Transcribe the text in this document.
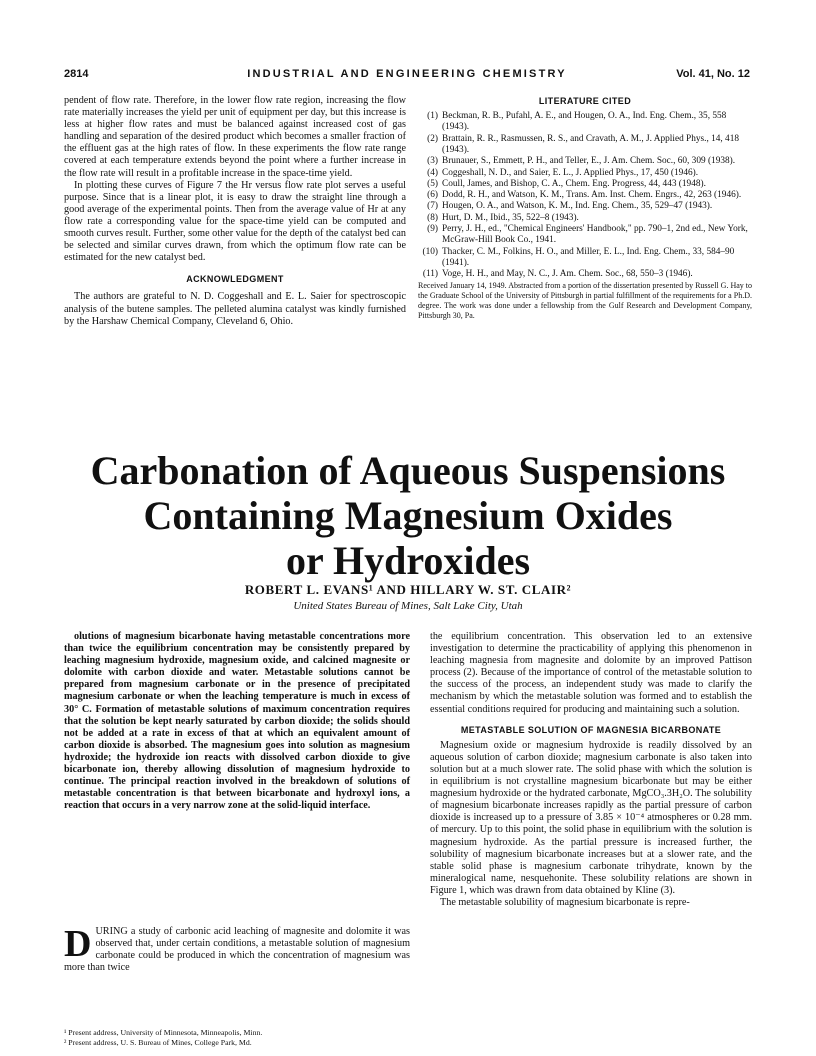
2814	INDUSTRIAL AND ENGINEERING CHEMISTRY	Vol. 41, No. 12

pendent of flow rate. Therefore, in the lower flow rate region, increasing the flow rate materially increases the yield per unit of equipment per day, but this increase is less at higher flow rates and must be balanced against increased cost of gas handling and separation of the desired product which becomes a smaller fraction of the effluent gas at the high rates of flow. In these experiments the flow rate range covered at each temperature extends beyond the point where a further increase in the flow rate will result in a profitable increase in the space-time yield.

In plotting these curves of Figure 7 the Hr versus flow rate plot serves a useful purpose. Since that is a linear plot, it is easy to draw the straight line through a good average of the experimental points. Then from the average value of Hr at any flow rate a corresponding value for the space-time yield can be computed and smooth curves result. Further, some other value for the depth of the catalyst bed can be selected and similar curves drawn, from which the optimum flow rate can be estimated for the new catalyst bed.

ACKNOWLEDGMENT

The authors are grateful to N. D. Coggeshall and E. L. Saier for spectroscopic analysis of the butene samples. The pelleted alumina catalyst was kindly furnished by the Harshaw Chemical Company, Cleveland 6, Ohio.

LITERATURE CITED
(1) Beckman, R. B., Pufahl, A. E., and Hougen, O. A., Ind. Eng. Chem., 35, 558 (1943).
(2) Brattain, R. R., Rasmussen, R. S., and Cravath, A. M., J. Applied Phys., 14, 418 (1943).
(3) Brunauer, S., Emmett, P. H., and Teller, E., J. Am. Chem. Soc., 60, 309 (1938).
(4) Coggeshall, N. D., and Saier, E. L., J. Applied Phys., 17, 450 (1946).
(5) Coull, James, and Bishop, C. A., Chem. Eng. Progress, 44, 443 (1948).
(6) Dodd, R. H., and Watson, K. M., Trans. Am. Inst. Chem. Engrs., 42, 263 (1946).
(7) Hougen, O. A., and Watson, K. M., Ind. Eng. Chem., 35, 529–47 (1943).
(8) Hurt, D. M., Ibid., 35, 522–8 (1943).
(9) Perry, J. H., ed., "Chemical Engineers' Handbook," pp. 790–1, 2nd ed., New York, McGraw-Hill Book Co., 1941.
(10) Thacker, C. M., Folkins, H. O., and Miller, E. L., Ind. Eng. Chem., 33, 584–90 (1941).
(11) Voge, H. H., and May, N. C., J. Am. Chem. Soc., 68, 550–3 (1946).

Received January 14, 1949. Abstracted from a portion of the dissertation presented by Russell G. Hay to the Graduate School of the University of Pittsburgh in partial fulfillment of the requirements for a Ph.D. degree. The work was done under a fellowship from the Gulf Research and Development Company, Pittsburgh 30, Pa.

Carbonation of Aqueous Suspensions
Containing Magnesium Oxides
or Hydroxides
ROBERT L. EVANS¹ AND HILLARY W. ST. CLAIR²
United States Bureau of Mines, Salt Lake City, Utah

olutions of magnesium bicarbonate having metastable concentrations more than twice the equilibrium concentration may be consistently prepared by leaching magnesium hydroxide, magnesium oxide, and calcined magnesite or dolomite with carbon dioxide and water. Metastable solutions cannot be prepared from magnesium carbonate or in the presence of precipitated magnesium carbonate or when the leaching temperature is much in excess of 30° C. Formation of metastable solutions of maximum concentration requires that the solution be kept nearly saturated by carbon dioxide; the solids should not be added at a rate in excess of that at which an equivalent amount of carbon dioxide is absorbed. The magnesium goes into solution as magnesium hydroxide; the hydroxide ion reacts with dissolved carbon dioxide to give bicarbonate ion, thereby allowing dissolution of magnesium hydroxide to continue. The principal reaction involved in the breakdown of solutions of metastable concentration is that between bicarbonate and hydroxyl ions, a reaction that occurs in a very narrow zone at the solid-liquid interface.

D URING a study of carbonic acid leaching of magnesite and dolomite it was observed that, under certain conditions, a metastable solution of magnesium carbonate could be produced in which the concentration of magnesium was more than twice

¹ Present address, University of Minnesota, Minneapolis, Minn.
² Present address, U. S. Bureau of Mines, College Park, Md.

the equilibrium concentration. This observation led to an extensive investigation to determine the practicability of applying this phenomenon in leaching magnesia from magnesite and dolomite by an improved Pattison process (2). Because of the importance of control of the metastable solution to the success of the process, an independent study was made to clarify the mechanism by which the metastable solution was formed and to establish the essential conditions required for producing and maintaining such a solution.

METASTABLE SOLUTION OF MAGNESIA BICARBONATE

Magnesium oxide or magnesium hydroxide is readily dissolved by an aqueous solution of carbon dioxide; magnesium carbonate is also taken into solution but at a much slower rate. The solid phase with which the solution is in equilibrium is not crystalline magnesium bicarbonate but may be either magnesium hydroxide or the hydrated carbonate, MgCO₃.3H₂O. The solubility of magnesium bicarbonate increases rapidly as the partial pressure of carbon dioxide is increased up to a pressure of 3.85 × 10⁻⁴ atmospheres or 0.28 mm. of mercury. Up to this point, the solid phase in equilibrium with the solution is magnesium hydroxide. As the partial pressure is increased further, the solubility of magnesium bicarbonate increases but at a slower rate, and the stable solid phase is magnesium carbonate trihydrate, known by the mineralogical name, nesquehonite. These solubility relations are shown in Figure 1, which was drawn from data obtained by Kline (3).

The metastable solubility of magnesium bicarbonate is repre-
